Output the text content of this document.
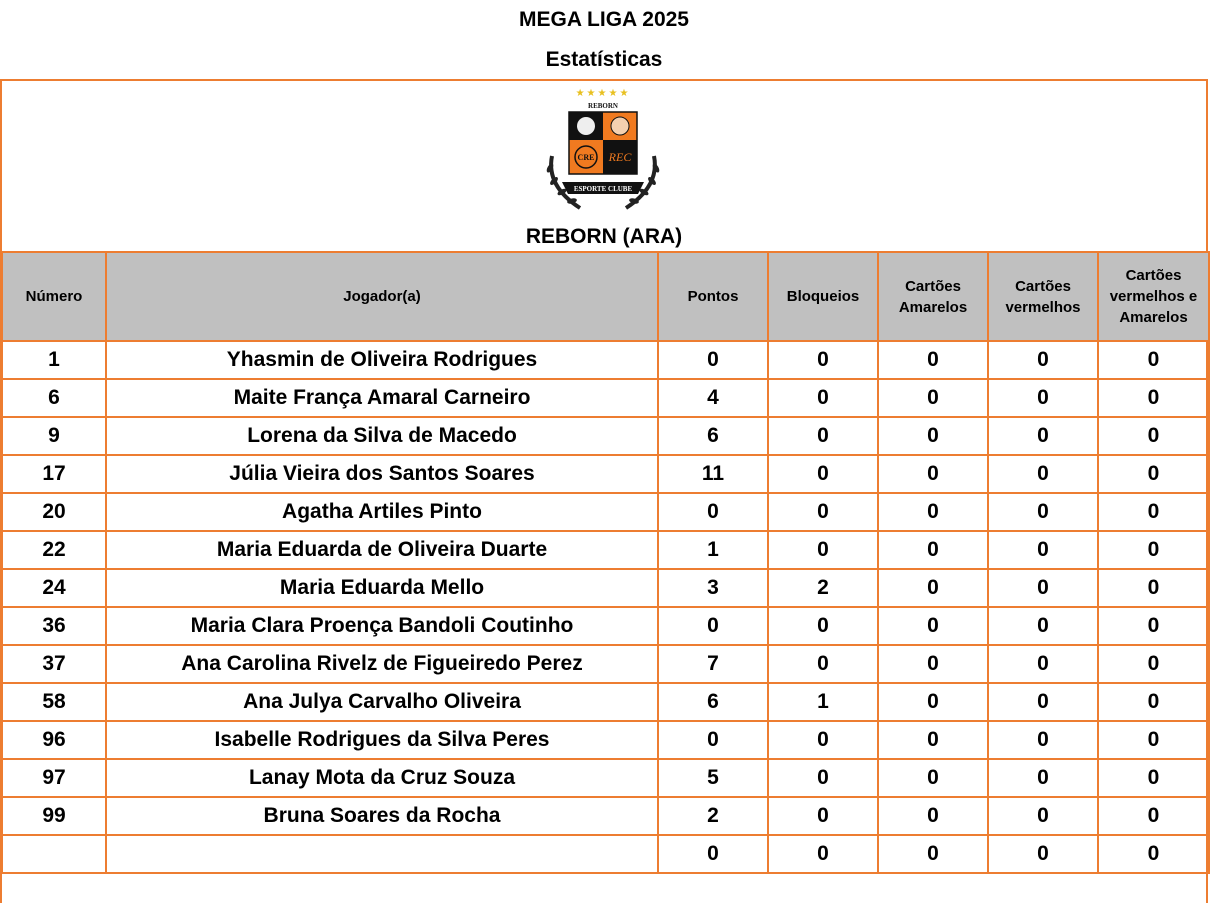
MEGA LIGA 2025
Estatísticas
★★★★★
REBORN
CRE REC
ESPORTE CLUBE
REBORN (ARA)
Número	Jogador(a)	Pontos	Bloqueios	Cartões Amarelos	Cartões vermelhos	Cartões vermelhos e Amarelos
1	Yhasmin de Oliveira Rodrigues	0	0	0	0	0
6	Maite França Amaral Carneiro	4	0	0	0	0
9	Lorena da Silva de Macedo	6	0	0	0	0
17	Júlia Vieira dos Santos Soares	11	0	0	0	0
20	Agatha Artiles Pinto	0	0	0	0	0
22	Maria Eduarda de Oliveira Duarte	1	0	0	0	0
24	Maria Eduarda Mello	3	2	0	0	0
36	Maria Clara Proença Bandoli Coutinho	0	0	0	0	0
37	Ana Carolina Rivelz de Figueiredo Perez	7	0	0	0	0
58	Ana Julya Carvalho Oliveira	6	1	0	0	0
96	Isabelle Rodrigues da Silva Peres	0	0	0	0	0
97	Lanay Mota da Cruz Souza	5	0	0	0	0
99	Bruna Soares da Rocha	2	0	0	0	0
		0	0	0	0	0
